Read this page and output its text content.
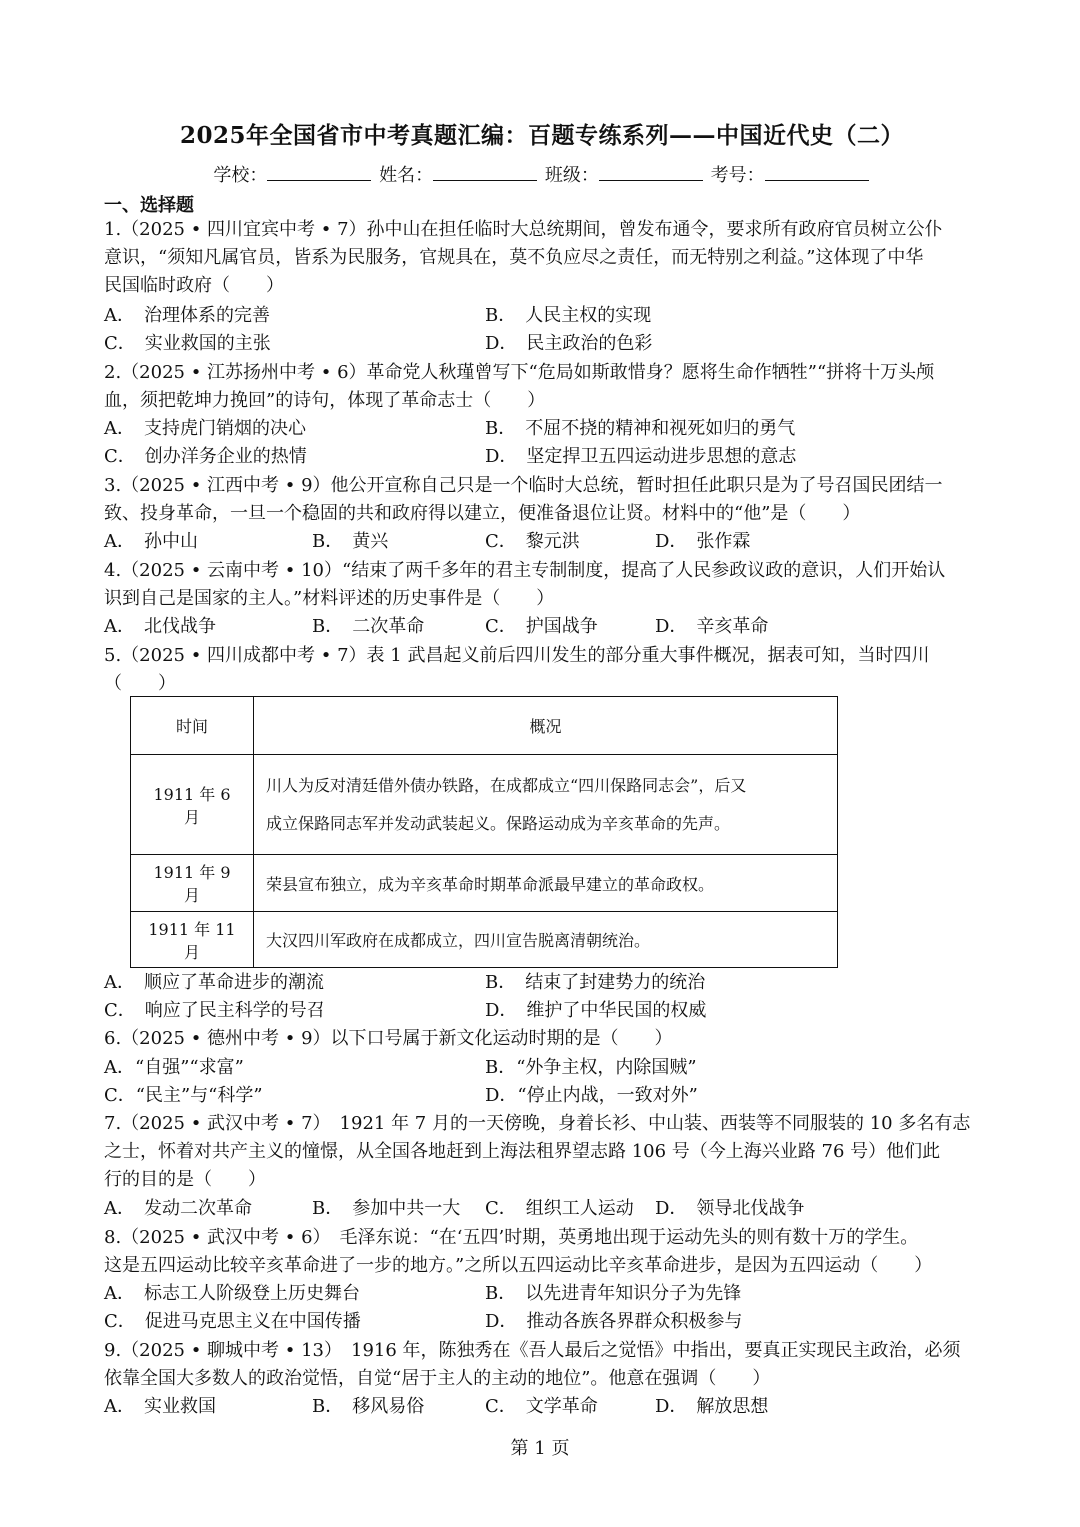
2025年全国省市中考真题汇编：百题专练系列——中国近代史（二）
学校：	姓名：	班级：	考号：
一、选择题
1.（2025 • 四川宜宾中考 • 7）孙中山在担任临时大总统期间，曾发布通令，要求所有政府官员树立公仆
意识，“须知凡属官员，皆系为民服务，官规具在，莫不负应尽之责任，而无特别之利益。”这体现了中华
民国临时政府（　　）
A．　治理体系的完善	B．　人民主权的实现
C．　实业救国的主张	D．　民主政治的色彩
2.（2025 • 江苏扬州中考 • 6）革命党人秋瑾曾写下“危局如斯敢惜身？愿将生命作牺牲”“拼将十万头颅
血，须把乾坤力挽回”的诗句，体现了革命志士（　　）
A．　支持虎门销烟的决心	B．　不屈不挠的精神和视死如归的勇气
C．　创办洋务企业的热情	D．　坚定捍卫五四运动进步思想的意志
3.（2025 • 江西中考 • 9）他公开宣称自己只是一个临时大总统，暂时担任此职只是为了号召国民团结一
致、投身革命，一旦一个稳固的共和政府得以建立，便准备退位让贤。材料中的“他”是（　　）
A．　孙中山	B．　黄兴	C．　黎元洪	D．　张作霖
4.（2025 • 云南中考 • 10）“结束了两千多年的君主专制制度，提高了人民参政议政的意识，人们开始认
识到自己是国家的主人。”材料评述的历史事件是（　　）
A．　北伐战争	B．　二次革命	C．　护国战争	D．　辛亥革命
5.（2025 • 四川成都中考 • 7）表 1 武昌起义前后四川发生的部分重大事件概况，据表可知，当时四川
（　　）
时间	概况
1911 年 6 月	川人为反对清廷借外债办铁路，在成都成立“四川保路同志会”，后又
成立保路同志军并发动武装起义。保路运动成为辛亥革命的先声。

1911 年 9 月	荣县宣布独立，成为辛亥革命时期革命派最早建立的革命政权。
1911 年 11 月	大汉四川军政府在成都成立，四川宣告脱离清朝统治。
A．　顺应了革命进步的潮流	B．　结束了封建势力的统治
C．　响应了民主科学的号召	D．　维护了中华民国的权威
6.（2025 • 德州中考 • 9）以下口号属于新文化运动时期的是（　　）
A．“自强”“求富”	B．“外争主权，内除国贼”
C．“民主”与“科学”	D．“停止内战，一致对外”
7.（2025 • 武汉中考 • 7）　1921 年 7 月的一天傍晚，身着长衫、中山装、西装等不同服装的 10 多名有志
之士，怀着对共产主义的憧憬，从全国各地赶到上海法租界望志路 106 号（今上海兴业路 76 号）他们此
行的目的是（　　）
A．　发动二次革命	B．　参加中共一大 C．　组织工人运动 D．　领导北伐战争
8.（2025 • 武汉中考 • 6）　毛泽东说：“在‘五四’时期，英勇地出现于运动先头的则有数十万的学生。
这是五四运动比较辛亥革命进了一步的地方。”之所以五四运动比辛亥革命进步，是因为五四运动（　　）
A．　标志工人阶级登上历史舞台	B．　以先进青年知识分子为先锋
C．　促进马克思主义在中国传播	D．　推动各族各界群众积极参与
9.（2025 • 聊城中考 • 13）　1916 年，陈独秀在《吾人最后之觉悟》中指出，要真正实现民主政治，必须
依靠全国大多数人的政治觉悟，自觉“居于主人的主动的地位”。他意在强调（　　）
A．　实业救国	B．　移风易俗	C．　文学革命	D．　解放思想
第 1 页
